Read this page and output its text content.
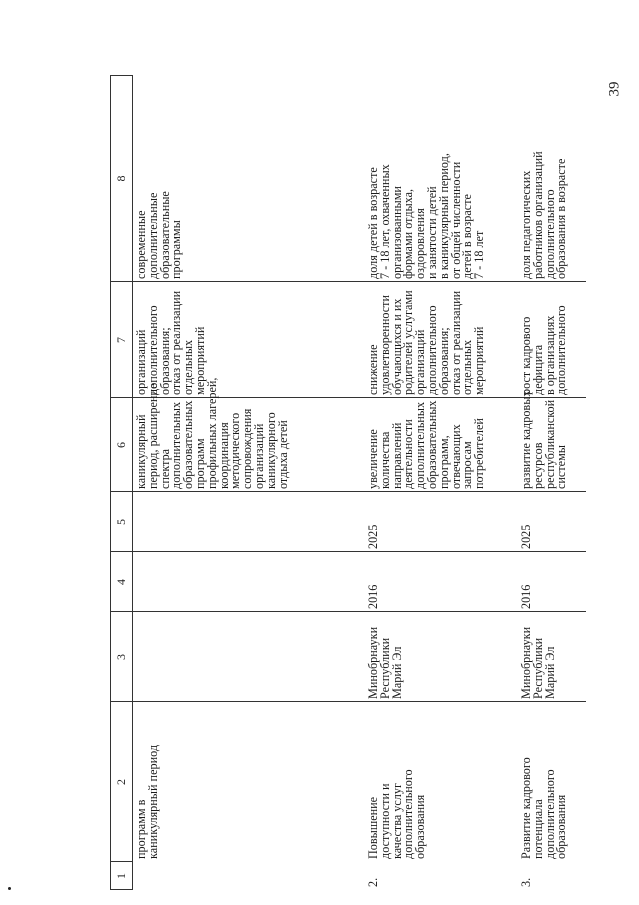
39
1
2
3
4
5
6
7
8
программ в
каникулярный период
каникулярный
период, расширение
спектра
дополнительных
образовательных
программ
профильных лагерей,
координация
методического
сопровождения
организаций
каникулярного
отдыха детей
организаций
дополнительного
образования;
отказ от реализации
отдельных
мероприятий
современные
дополнительные
образовательные
программы
2.
Повышение
доступности и
качества услуг
дополнительного
образования
Минобрнауки
Республики
Марий Эл
2016
2025
увеличение
количества
направлений
деятельности
дополнительных
образовательных
программ,
отвечающих
запросам
потребителей
снижение
удовлетворенности
обучающихся и их
родителей услугами
организаций
дополнительного
образования;
отказ от реализации
отдельных
мероприятий
доля детей в возрасте
7 - 18 лет, охваченных
организованными
формами отдыха,
оздоровления
и занятости детей
в каникулярный период,
от общей численности
детей в возрасте
7 - 18 лет
3.
Развитие кадрового
потенциала
дополнительного
образования
Минобрнауки
Республики
Марий Эл
2016
2025
развитие кадровых
ресурсов
республиканской
системы
рост кадрового
дефицита
в организациях
дополнительного
доля педагогических
работников организаций
дополнительного
образования в возрасте
